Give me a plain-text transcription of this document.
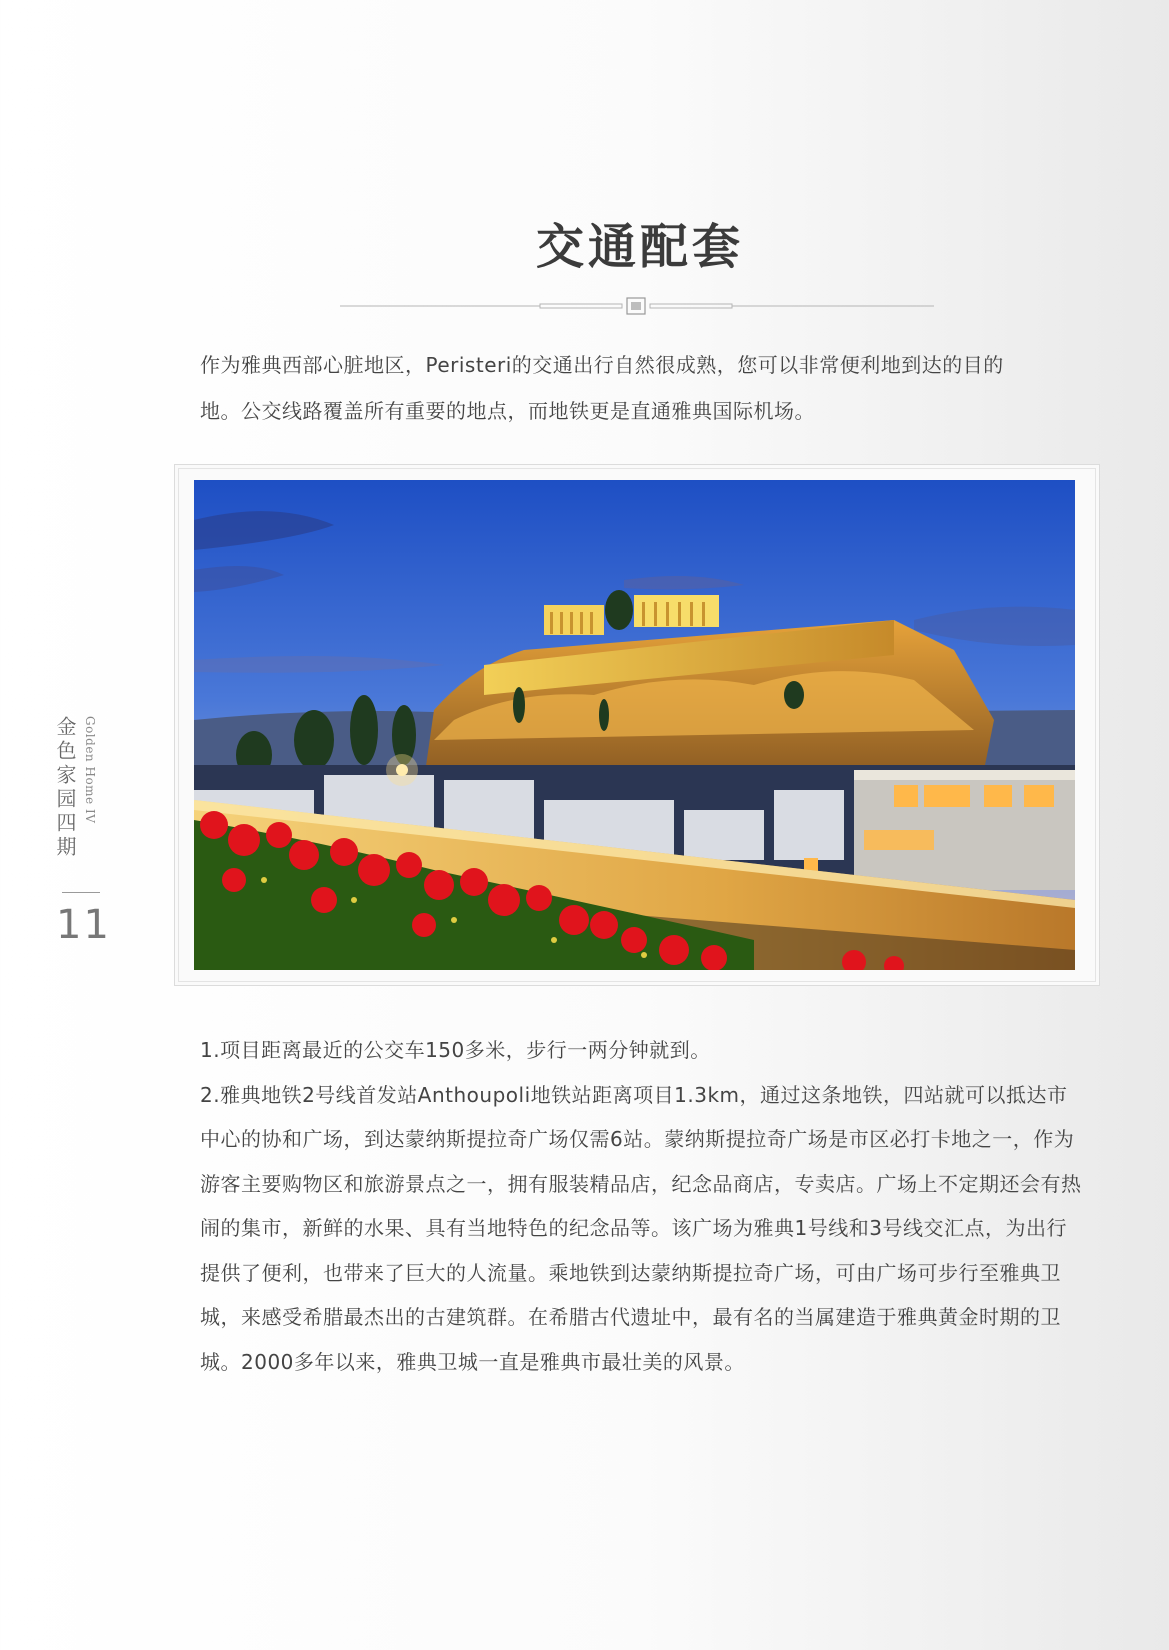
交通配套
作为雅典西部心脏地区，Peristeri的交通出行自然很成熟，您可以非常便利地到达的目的地。公交线路覆盖所有重要的地点，而地铁更是直通雅典国际机场。
金色家园四期 Golden Home IV
11

1.项目距离最近的公交车150多米，步行一两分钟就到。

2.雅典地铁2号线首发站Anthoupoli地铁站距离项目1.3km，通过这条地铁，四站就可以抵达市中心的协和广场，到达蒙纳斯提拉奇广场仅需6站。蒙纳斯提拉奇广场是市区必打卡地之一，作为游客主要购物区和旅游景点之一，拥有服装精品店，纪念品商店，专卖店。广场上不定期还会有热闹的集市，新鲜的水果、具有当地特色的纪念品等。该广场为雅典1号线和3号线交汇点，为出行提供了便利，也带来了巨大的人流量。乘地铁到达蒙纳斯提拉奇广场，可由广场可步行至雅典卫城，来感受希腊最杰出的古建筑群。在希腊古代遗址中，最有名的当属建造于雅典黄金时期的卫城。2000多年以来，雅典卫城一直是雅典市最壮美的风景。
